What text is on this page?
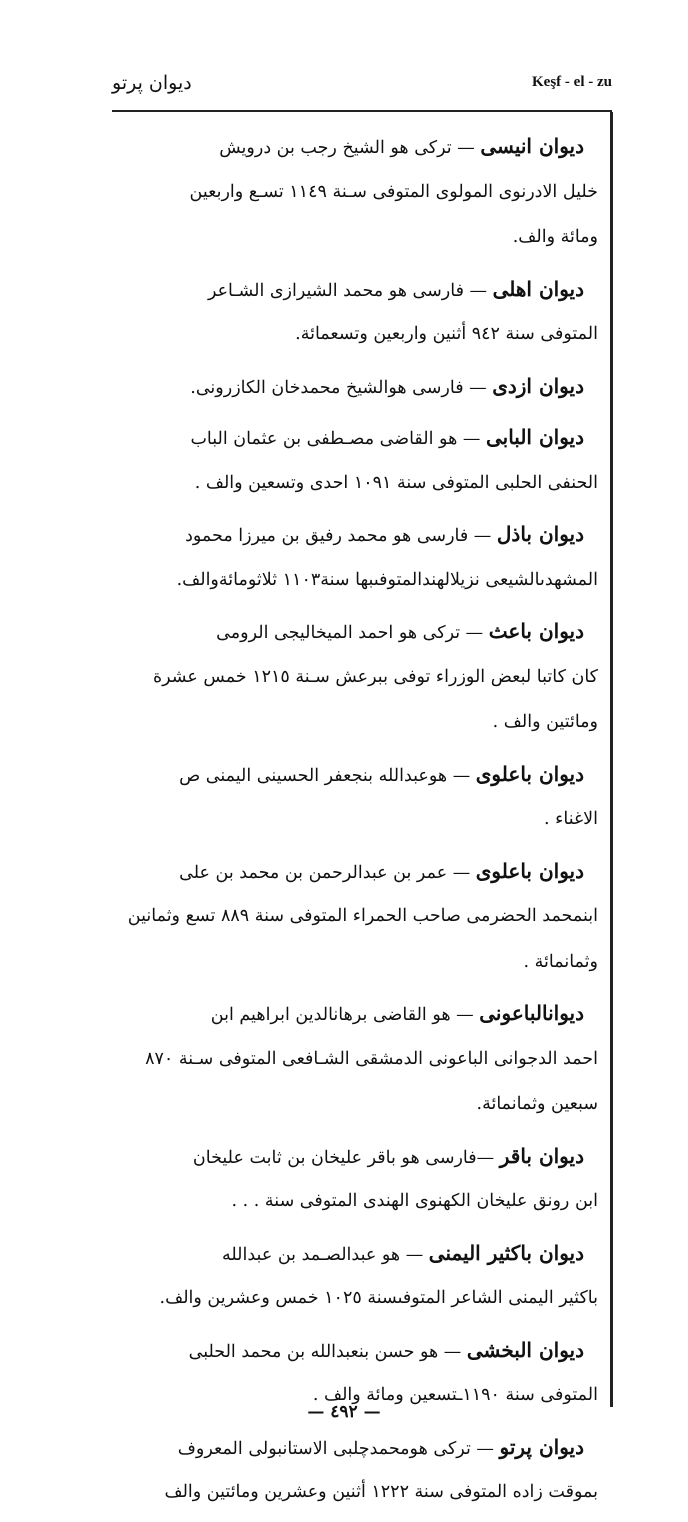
ديوان پرتو	Keşf - el - zu
ديوان انيسى — تركى هو الشيخ رجب بن درويش
خليل الادرنوى المولوى المتوفى سـنة ١١٤٩ تسـع واربعين
ومائة والف.
ديوان اهلى — فارسى هو محمد الشيرازى الشـاعر
المتوفى سنة ٩٤٢ أثنين واربعين وتسعمائة.
ديوان ازدى — فارسى هوالشيخ محمدخان الكازرونى.
ديوان البابى — هو القاضى مصـطفى بن عثمان الباب
الحنفى الحلبى المتوفى سنة ١٠٩١ احدى وتسعين والف .
ديوان باذل — فارسى هو محمد رفيق بن ميرزا محمود
المشهدىالشيعى نزيلالهندالمتوفىبها سنة١١٠٣ ثلاثومائةوالف.
ديوان باعث — تركى هو احمد الميخاليجى الرومى
كان كاتبا لبعض الوزراء توفى ببرعش سـنة ١٢١٥ خمس عشرة
ومائتين والف .
ديوان باعلوى — هوعبدالله بنجعفر الحسينى اليمنى ص
الاغناء .
ديوان باعلوى — عمر بن عبدالرحمن بن محمد بن على
ابنمحمد الحضرمى صاحب الحمراء المتوفى سنة ٨٨٩ تسع وثمانين
وثمانمائة .
ديوانالباعونى — هو القاضى برهانالدين ابراهيم ابن
احمد الدجوانى الباعونى الدمشقى الشـافعى المتوفى سـنة ٨٧٠
سبعين وثمانمائة.
ديوان باقر —فارسى هو باقر عليخان بن ثابت عليخان
ابن رونق عليخان الكهنوى الهندى المتوفى سنة . . .
ديوان باكثير اليمنى — هو عبدالصـمد بن عبدالله
باكثير اليمنى الشاعر المتوفىسنة ١٠٢٥ خمس وعشرين والف.
ديوان البخشى — هو حسن بنعبدالله بن محمد الحلبى
المتوفى سنة ١١٩٠ـتسعين ومائة والف .
ديوان پرتو — تركى هومحمدچلبى الاستانبولى المعروف
بموقت زاده المتوفى سنة ١٢٢٢ أثنين وعشرين ومائتين والف
— ٤٩٢ —
